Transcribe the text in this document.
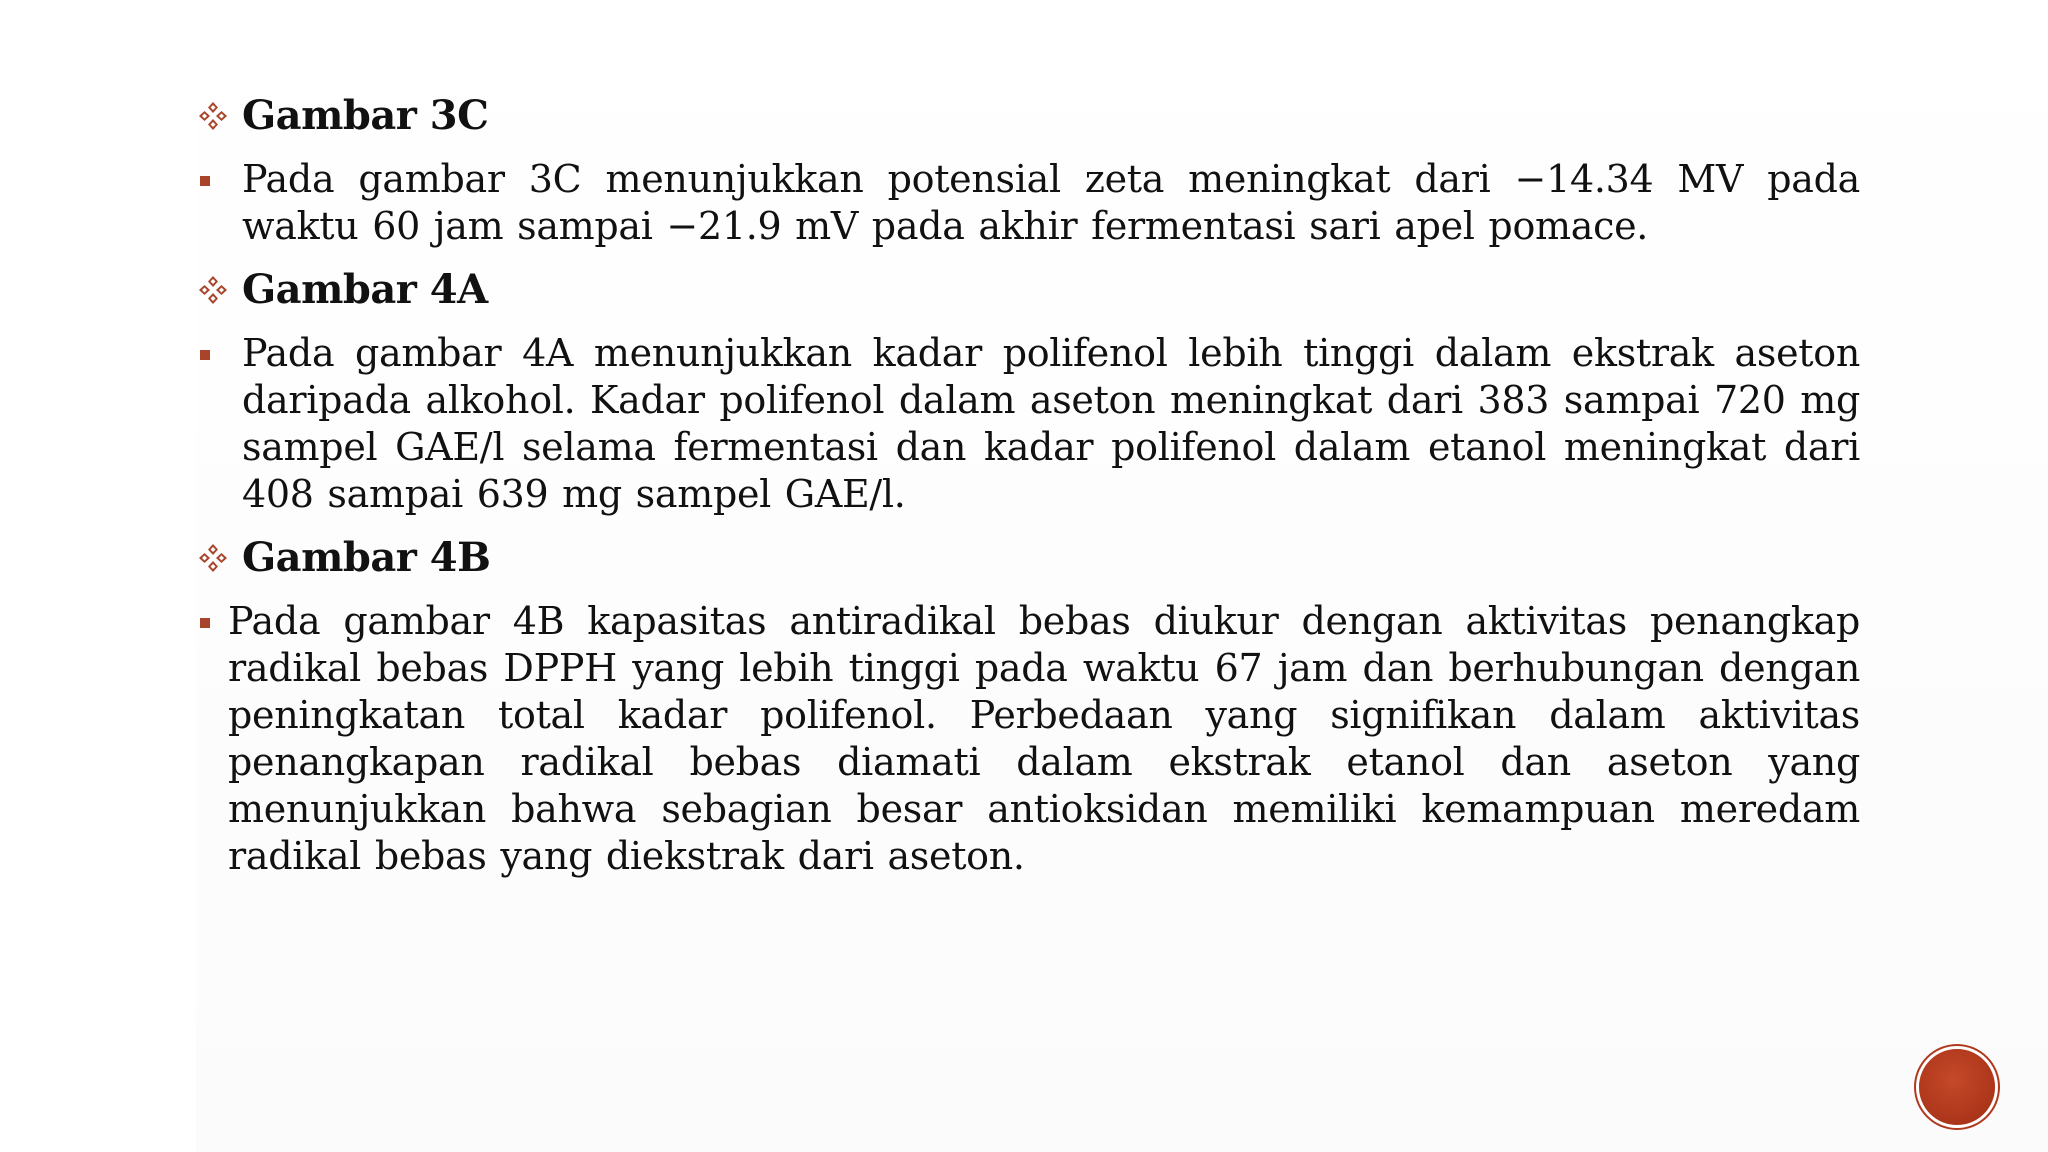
Gambar 3C
Pada gambar 3C menunjukkan potensial zeta meningkat dari −14.34 MV pada waktu 60 jam sampai −21.9 mV pada akhir fermentasi sari apel pomace.
Gambar 4A
Pada gambar 4A menunjukkan kadar polifenol lebih tinggi dalam ekstrak aseton daripada alkohol. Kadar polifenol dalam aseton meningkat dari 383 sampai 720 mg sampel GAE/l selama fermentasi dan kadar polifenol dalam etanol meningkat dari 408 sampai 639 mg sampel GAE/l.
Gambar 4B
Pada gambar 4B kapasitas antiradikal bebas diukur dengan aktivitas penangkap radikal bebas DPPH yang lebih tinggi pada waktu 67 jam dan berhubungan dengan peningkatan total kadar polifenol. Perbedaan yang signifikan dalam aktivitas penangkapan radikal bebas diamati dalam ekstrak etanol dan aseton yang menunjukkan bahwa sebagian besar antioksidan memiliki kemampuan meredam radikal bebas yang diekstrak dari aseton.
